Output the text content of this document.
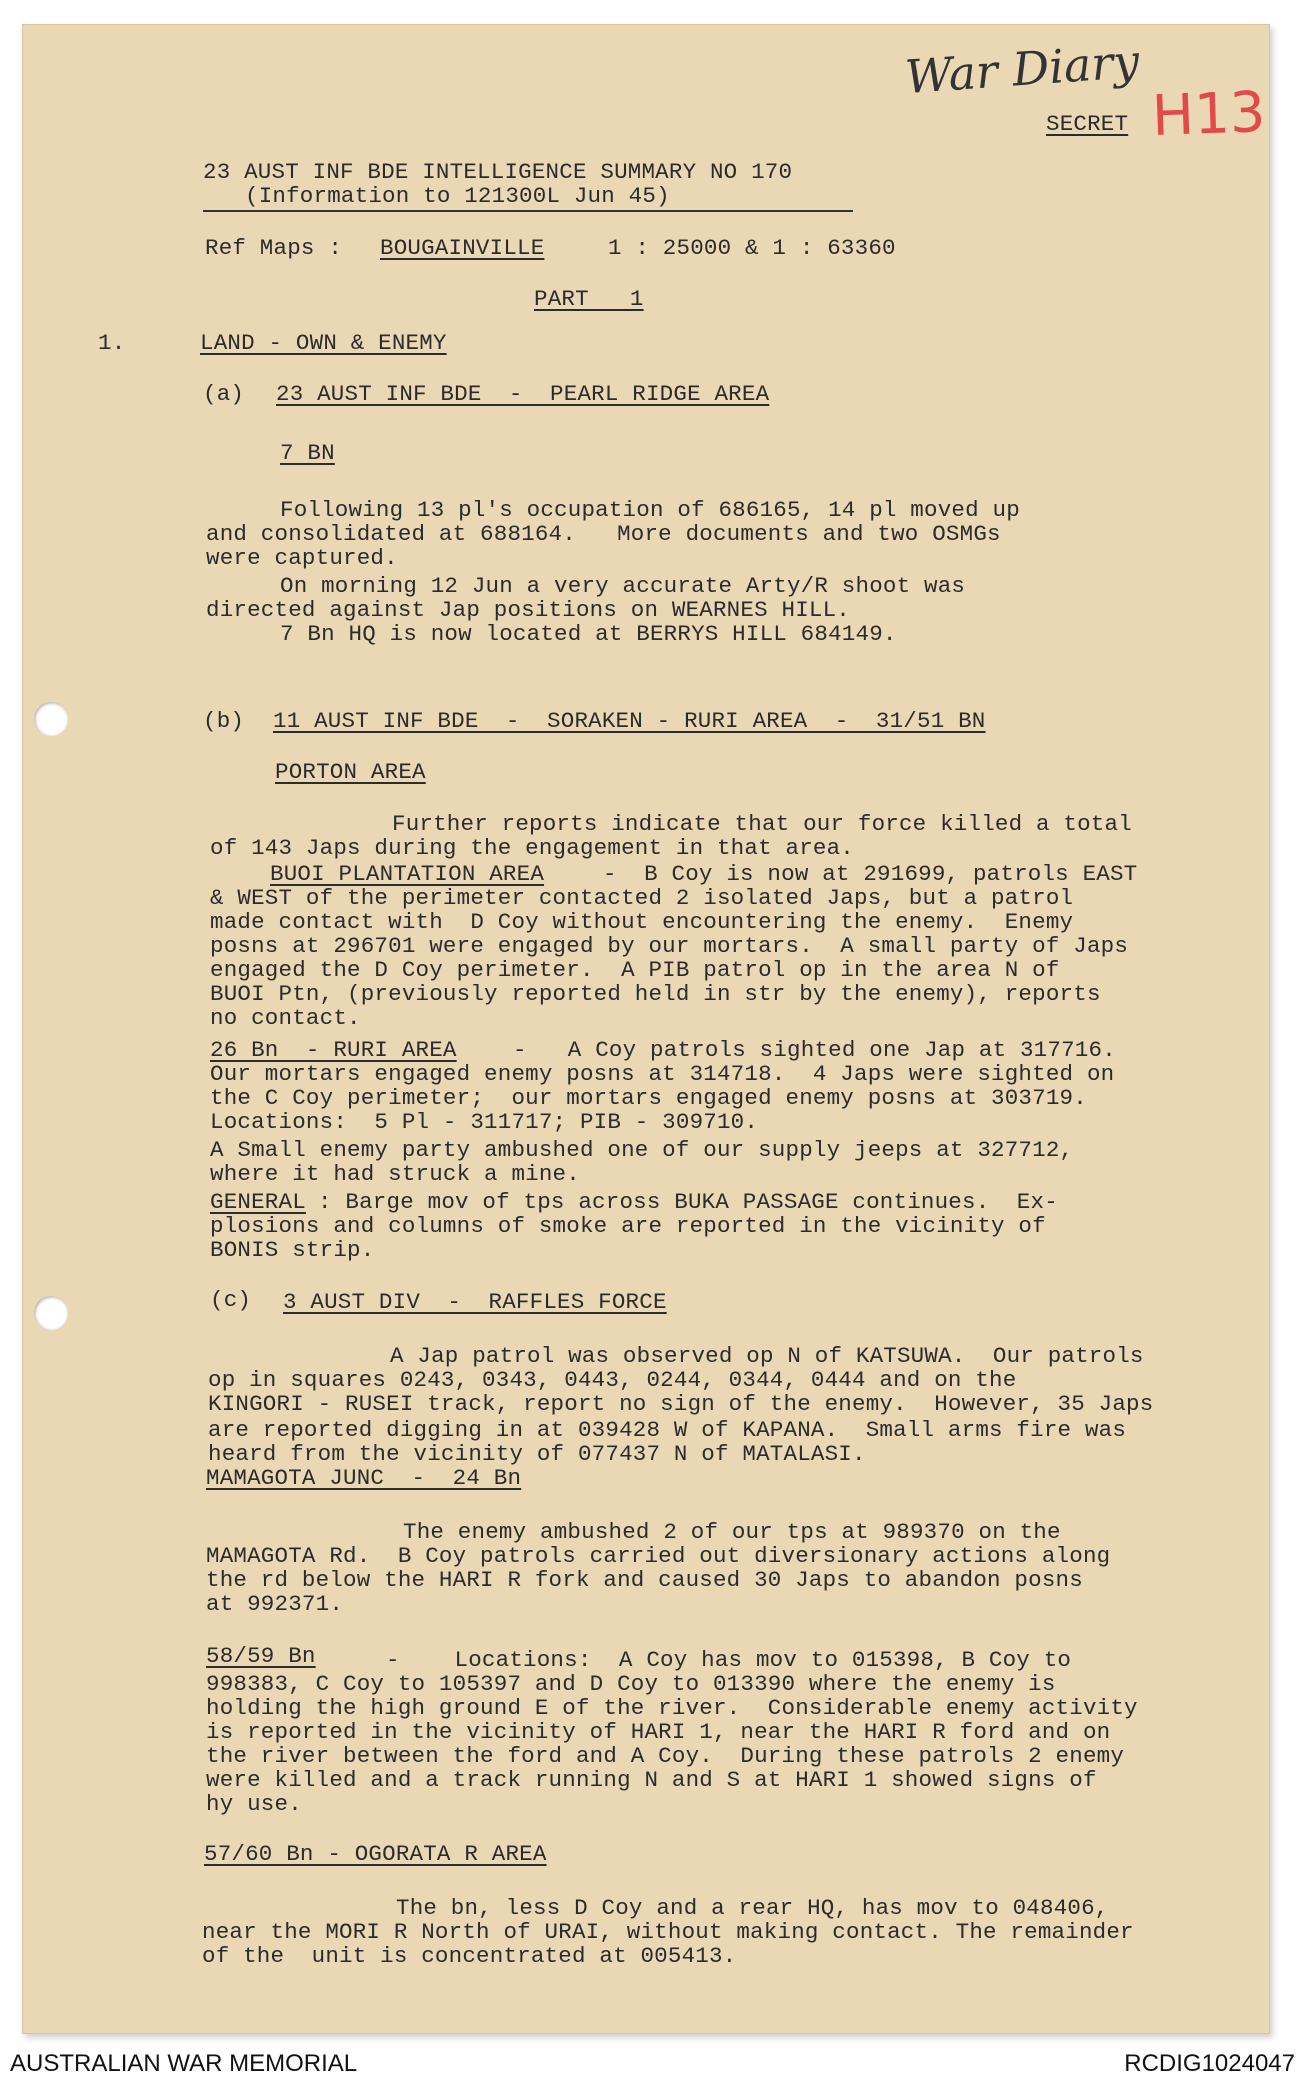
War Diary
H13
SECRET
23 AUST INF BDE INTELLIGENCE SUMMARY NO 170
(Information to 121300L Jun 45)
Ref Maps : BOUGAINVILLE	1 : 25000 & 1 : 63360
PART   1
1.	LAND - OWN & ENEMY
(a) 23 AUST INF BDE  -  PEARL RIDGE AREA
7 BN
Following 13 pl's occupation of 686165, 14 pl moved up
and consolidated at 688164.   More documents and two OSMGs
were captured.
On morning 12 Jun a very accurate Arty/R shoot was
directed against Jap positions on WEARNES HILL.
7 Bn HQ is now located at BERRYS HILL 684149.
(b) 11 AUST INF BDE  -  SORAKEN - RURI AREA  -  31/51 BN
PORTON AREA
Further reports indicate that our force killed a total
of 143 Japs during the engagement in that area.
BUOI PLANTATION AREA	-  B Coy is now at 291699, patrols EAST
& WEST of the perimeter contacted 2 isolated Japs, but a patrol
made contact with  D Coy without encountering the enemy.  Enemy
posns at 296701 were engaged by our mortars.  A small party of Japs
engaged the D Coy perimeter.  A PIB patrol op in the area N of
BUOI Ptn, (previously reported held in str by the enemy), reports
no contact.
26 Bn  - RURI AREA	-   A Coy patrols sighted one Jap at 317716.
Our mortars engaged enemy posns at 314718.  4 Japs were sighted on
the C Coy perimeter;  our mortars engaged enemy posns at 303719.
Locations:  5 Pl - 311717; PIB - 309710.
A Small enemy party ambushed one of our supply jeeps at 327712,
where it had struck a mine.
GENERAL : Barge mov of tps across BUKA PASSAGE continues.  Ex-
plosions and columns of smoke are reported in the vicinity of
BONIS strip.
(c) 3 AUST DIV  -  RAFFLES FORCE
A Jap patrol was observed op N of KATSUWA.  Our patrols
op in squares 0243, 0343, 0443, 0244, 0344, 0444 and on the
KINGORI - RUSEI track, report no sign of the enemy.  However, 35 Japs
are reported digging in at 039428 W of KAPANA.  Small arms fire was
heard from the vicinity of 077437 N of MATALASI.
MAMAGOTA JUNC  -  24 Bn
The enemy ambushed 2 of our tps at 989370 on the
MAMAGOTA Rd.  B Coy patrols carried out diversionary actions along
the rd below the HARI R fork and caused 30 Japs to abandon posns
at 992371.
58/59 Bn	-    Locations:  A Coy has mov to 015398, B Coy to
998383, C Coy to 105397 and D Coy to 013390 where the enemy is
holding the high ground E of the river.  Considerable enemy activity
is reported in the vicinity of HARI 1, near the HARI R ford and on
the river between the ford and A Coy.  During these patrols 2 enemy
were killed and a track running N and S at HARI 1 showed signs of
hy use.
57/60 Bn - OGORATA R AREA
The bn, less D Coy and a rear HQ, has mov to 048406,
near the MORI R North of URAI, without making contact. The remainder
of the  unit is concentrated at 005413.
AUSTRALIAN WAR MEMORIAL	RCDIG1024047
